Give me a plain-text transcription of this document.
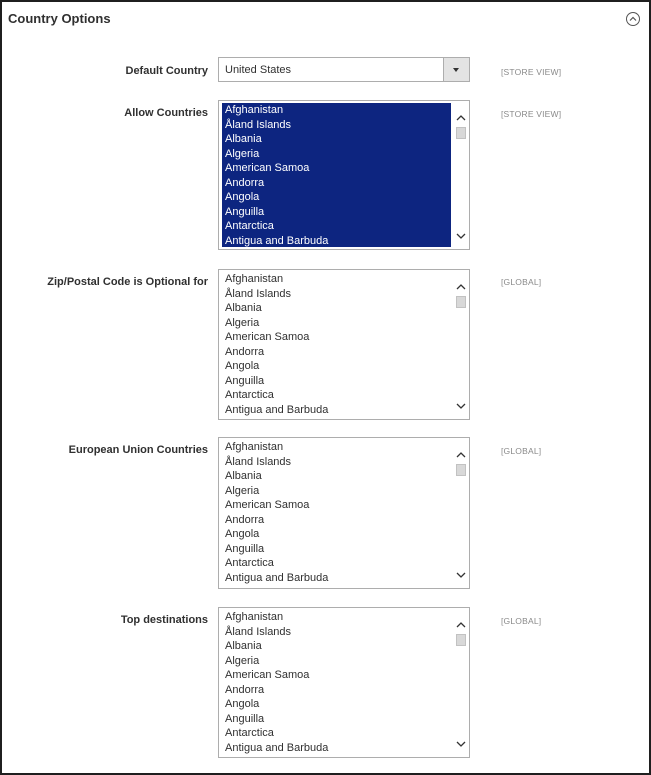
Country Options
Default Country United States	[STORE VIEW]
Allow Countries Afghanistan
Åland Islands
Albania
Algeria
American Samoa
Andorra
Angola
Anguilla
Antarctica
Antigua and Barbuda
[STORE VIEW]
Zip/Postal Code is Optional for Afghanistan
Åland Islands
Albania
Algeria
American Samoa
Andorra
Angola
Anguilla
Antarctica
Antigua and Barbuda
[GLOBAL]
European Union Countries Afghanistan
Åland Islands
Albania
Algeria
American Samoa
Andorra
Angola
Anguilla
Antarctica
Antigua and Barbuda
[GLOBAL]
Top destinations Afghanistan
Åland Islands
Albania
Algeria
American Samoa
Andorra
Angola
Anguilla
Antarctica
Antigua and Barbuda
[GLOBAL]
